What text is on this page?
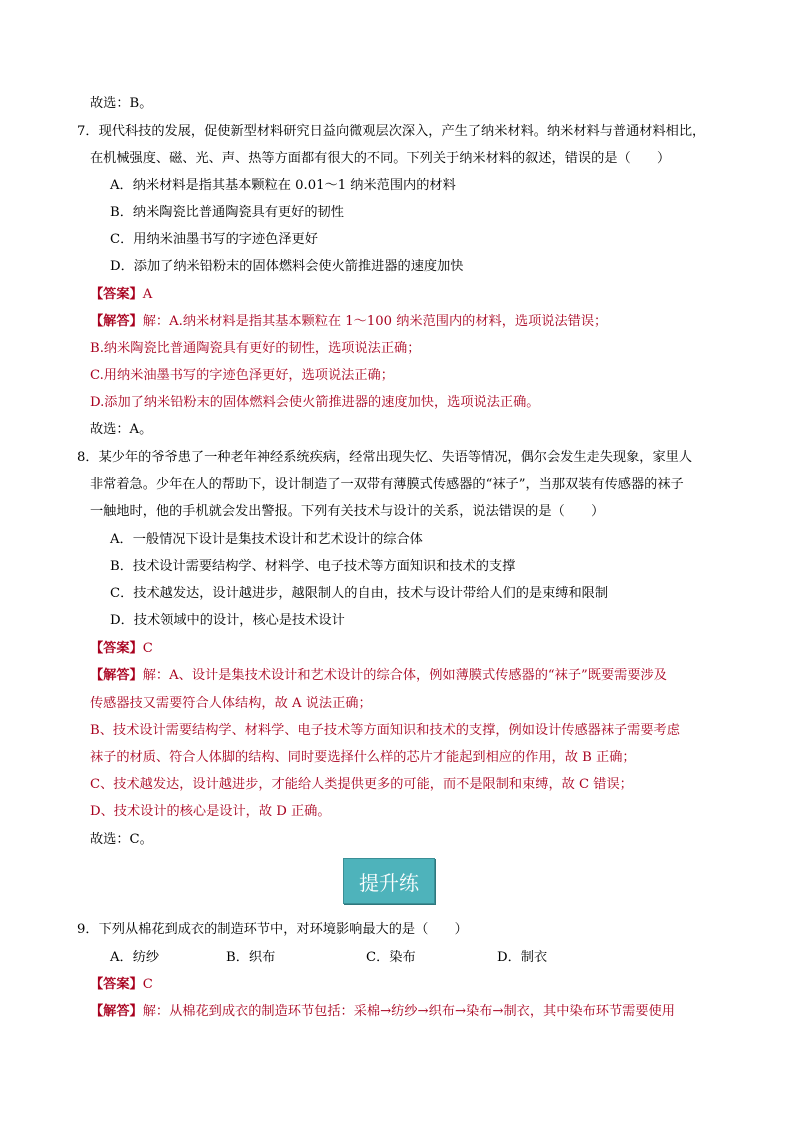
故选：B。
7．现代科技的发展，促使新型材料研究日益向微观层次深入，产生了纳米材料。纳米材料与普通材料相比，
在机械强度、磁、光、声、热等方面都有很大的不同。下列关于纳米材料的叙述，错误的是（　　）
A．纳米材料是指其基本颗粒在 0.01～1 纳米范围内的材料
B．纳米陶瓷比普通陶瓷具有更好的韧性
C．用纳米油墨书写的字迹色泽更好
D．添加了纳米铅粉末的固体燃料会使火箭推进器的速度加快
【答案】A
【解答】解：A.纳米材料是指其基本颗粒在 1～100 纳米范围内的材料，选项说法错误；
B.纳米陶瓷比普通陶瓷具有更好的韧性，选项说法正确；
C.用纳米油墨书写的字迹色泽更好，选项说法正确；
D.添加了纳米铅粉末的固体燃料会使火箭推进器的速度加快，选项说法正确。
故选：A。
8．某少年的爷爷患了一种老年神经系统疾病，经常出现失忆、失语等情况，偶尔会发生走失现象，家里人
非常着急。少年在人的帮助下，设计制造了一双带有薄膜式传感器的“袜子”，当那双装有传感器的袜子
一触地时，他的手机就会发出警报。下列有关技术与设计的关系，说法错误的是（　　）
A．一般情况下设计是集技术设计和艺术设计的综合体
B．技术设计需要结构学、材料学、电子技术等方面知识和技术的支撑
C．技术越发达，设计越进步，越限制人的自由，技术与设计带给人们的是束缚和限制
D．技术领域中的设计，核心是技术设计
【答案】C
【解答】解：A、设计是集技术设计和艺术设计的综合体，例如薄膜式传感器的“袜子”既要需要涉及
传感器技又需要符合人体结构，故 A 说法正确；
B、技术设计需要结构学、材料学、电子技术等方面知识和技术的支撑，例如设计传感器袜子需要考虑
袜子的材质、符合人体脚的结构、同时要选择什么样的芯片才能起到相应的作用，故 B 正确；
C、技术越发达，设计越进步，才能给人类提供更多的可能，而不是限制和束缚，故 C 错误；
D、技术设计的核心是设计，故 D 正确。
故选：C。
提升练
9．下列从棉花到成衣的制造环节中，对环境影响最大的是（　　）
A．纺纱	B．织布	C．染布	D．制衣
【答案】C
【解答】解：从棉花到成衣的制造环节包括：采棉→纺纱→织布→染布→制衣，其中染布环节需要使用
